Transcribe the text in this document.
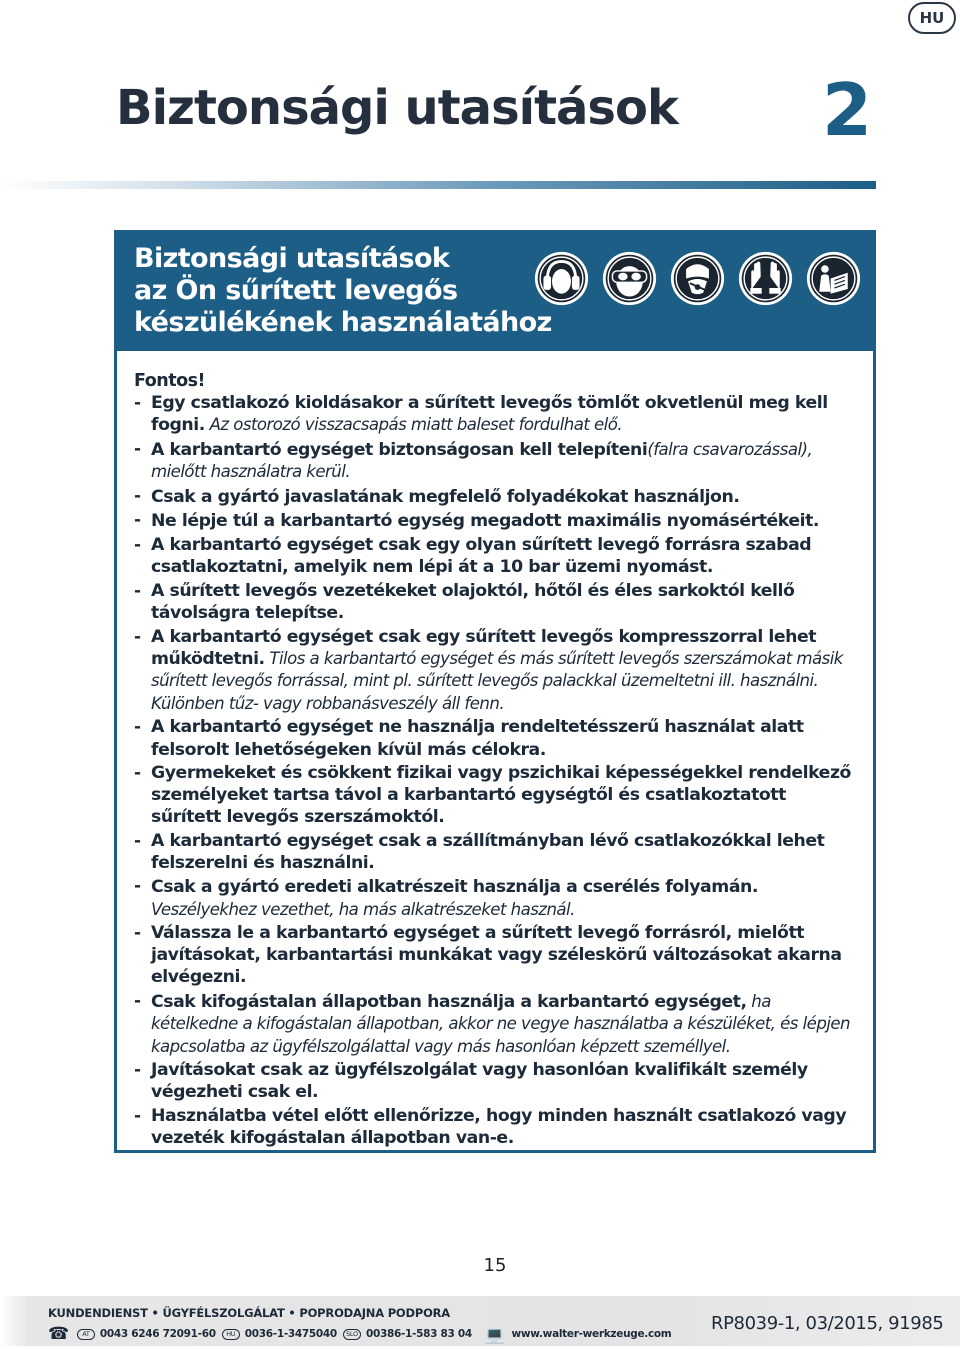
HU
Biztonsági utasítások 2
Biztonsági utasítások
az Ön sűrített levegős
készülékének használatához
Fontos!
- Egy csatlakozó kioldásakor a sűrített levegős tömlőt okvetlenül meg kell fogni. Az ostorozó visszacsapás miatt baleset fordulhat elő.
- A karbantartó egységet biztonságosan kell telepíteni(falra csavarozással), mielőtt használatra kerül.
- Csak a gyártó javaslatának megfelelő folyadékokat használjon.
- Ne lépje túl a karbantartó egység megadott maximális nyomásértékeit.
- A karbantartó egységet csak egy olyan sűrített levegő forrásra szabad csatlakoztatni, amelyik nem lépi át a 10 bar üzemi nyomást.
- A sűrített levegős vezetékeket olajoktól, hőtől és éles sarkoktól kellő távolságra telepítse.
- A karbantartó egységet csak egy sűrített levegős kompresszorral lehet működtetni. Tilos a karbantartó egységet és más sűrített levegős szerszámokat másik sűrített levegős forrással, mint pl. sűrített levegős palackkal üzemeltetni ill. használni. Különben tűz- vagy robbanásveszély áll fenn.
- A karbantartó egységet ne használja rendeltetésszerű használat alatt felsorolt lehetőségeken kívül más célokra.
- Gyermekeket és csökkent fizikai vagy pszichikai képességekkel rendelkező személyeket tartsa távol a karbantartó egységtől és csatlakoztatott sűrített levegős szerszámoktól.
- A karbantartó egységet csak a szállítmányban lévő csatlakozókkal lehet felszerelni és használni.
- Csak a gyártó eredeti alkatrészeit használja a cserélés folyamán. Veszélyekhez vezethet, ha más alkatrészeket használ.
- Válassza le a karbantartó egységet a sűrített levegő forrásról, mielőtt javításokat, karbantartási munkákat vagy széleskörű változásokat akarna elvégezni.
- Csak kifogástalan állapotban használja a karbantartó egységet, ha kételkedne a kifogástalan állapotban, akkor ne vegye használatba a készüléket, és lépjen kapcsolatba az ügyfélszolgálattal vagy más hasonlóan képzett személlyel.
- Javításokat csak az ügyfélszolgálat vagy hasonlóan kvalifikált személy végezheti csak el.
- Használatba vétel előtt ellenőrizze, hogy minden használt csatlakozó vagy vezeték kifogástalan állapotban van-e.
15
KUNDENDIENST • ÜGYFÉLSZOLGÁLAT • POPRODAJNA PODPORA
☎	AT 0043 6246 72091-60	HU 0036-1-3475040	SLO 00386-1-583 83 04 💻 www.walter-werkzeuge.com RP8039-1, 03/2015, 91985
